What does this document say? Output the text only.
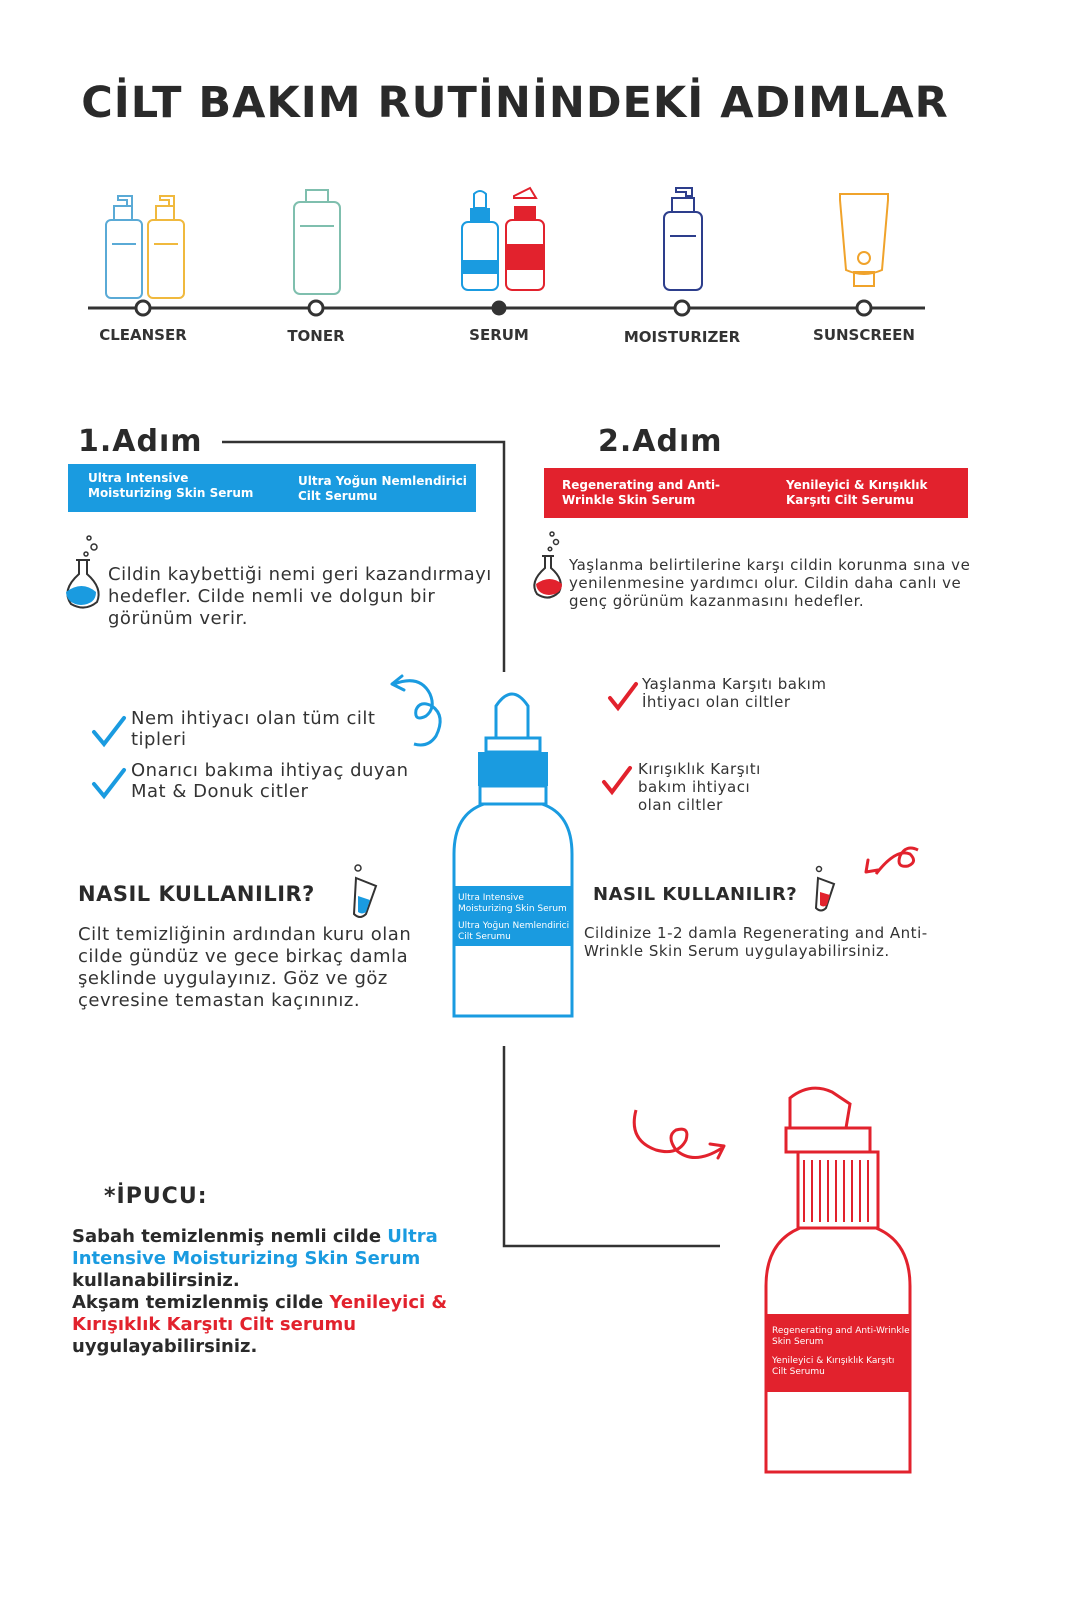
CİLT BAKIM RUTİNİNDEKİ ADIMLAR
CLEANSER	TONER	SERUM	MOISTURIZER	SUNSCREEN
1.Adım
Ultra Intensive Moisturizing Skin Serum
Ultra Yoğun Nemlendirici Cilt Serumu
Cildin kaybettiği nemi geri kazandırmayı hedefler. Cilde nemli ve dolgun bir görünüm verir.
Nem ihtiyacı olan tüm cilt tipleri
Onarıcı bakıma ihtiyaç duyan Mat & Donuk citler
NASIL KULLANILIR?
Cilt temizliğinin ardından kuru olan cilde gündüz ve gece birkaç damla şeklinde uygulayınız. Göz ve göz çevresine temastan kaçınınız.
Ultra Intensive Moisturizing Skin Serum
Ultra Yoğun Nemlendirici Cilt Serumu
2.Adım
Regenerating and Anti-Wrinkle Skin Serum
Yenileyici & Kırışıklık Karşıtı Cilt Serumu
Yaşlanma belirtilerine karşı cildin korunma sına ve yenilenmesine yardımcı olur. Cildin daha canlı ve genç görünüm kazanmasını hedefler.
Yaşlanma Karşıtı bakım İhtiyacı olan ciltler
Kırışıklık Karşıtı bakım ihtiyacı olan ciltler
NASIL KULLANILIR?
Cildinize 1-2 damla Regenerating and Anti-Wrinkle Skin Serum uygulayabilirsiniz.
Regenerating and Anti-Wrinkle Skin Serum
Yenileyici & Kırışıklık Karşıtı Cilt Serumu
*İPUCU:
Sabah temizlenmiş nemli cilde Ultra Intensive Moisturizing Skin Serum kullanabilirsiniz.
Akşam temizlenmiş cilde Yenileyici & Kırışıklık Karşıtı Cilt serumu uygulayabilirsiniz.
